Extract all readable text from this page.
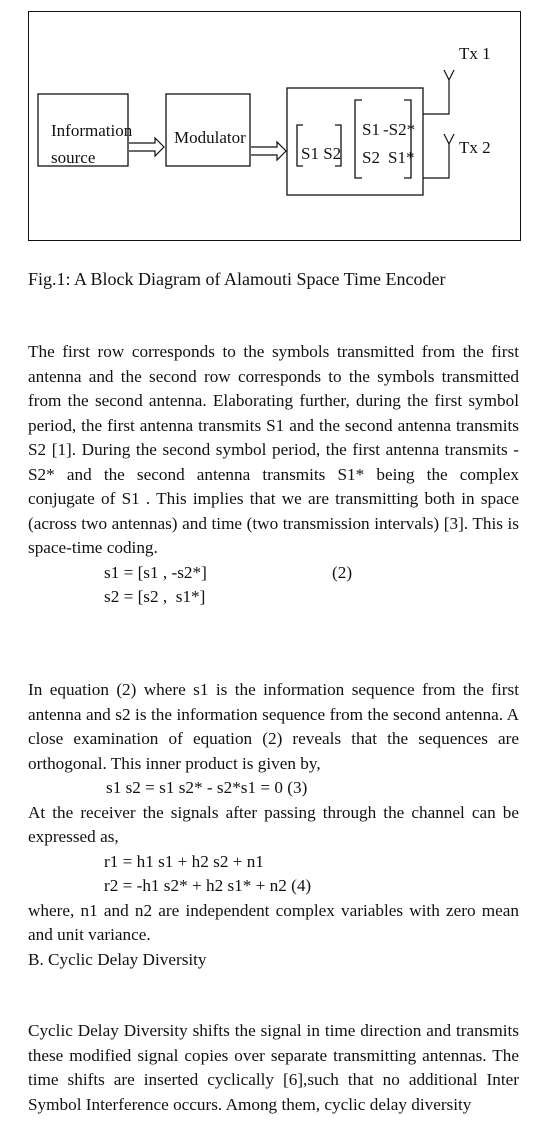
Information
source
Modulator
S1 S2
S1 -S2*
S2 S1*
Tx 1
Tx 2
Fig.1: A Block Diagram of Alamouti Space Time Encoder

The first row corresponds to the symbols transmitted from the first antenna and the second row corresponds to the symbols transmitted from the second antenna. Elaborating further, during the first symbol period, the first antenna transmits S1 and the second antenna transmits S2 [1]. During the second symbol period, the first antenna transmits -S2* and the second antenna transmits S1* being the complex conjugate of S1 . This implies that we are transmitting both in space (across two antennas) and time (two transmission intervals) [3]. This is space-time coding.

s1 = [s1 , -s2*]	(2)
s2 = [s2 ,  s1*]

In equation (2) where s1 is the information sequence from the first antenna and s2 is the information sequence from the second antenna. A close examination of equation (2) reveals that the sequences are orthogonal. This inner product is given by,

s1 s2 = s1 s2* - s2*s1 = 0 (3)

At the receiver the signals after passing through the channel can be expressed as,

r1 = h1 s1 + h2 s2 + n1
r2 = -h1 s2* + h2 s1* + n2 (4)

where, n1 and n2 are independent complex variables with zero mean and unit variance.

B. Cyclic Delay Diversity

Cyclic Delay Diversity shifts the signal in time direction and transmits these modified signal copies over separate transmitting antennas. The time shifts are inserted cyclically [6],such that no additional Inter Symbol Interference occurs. Among them, cyclic delay diversity
